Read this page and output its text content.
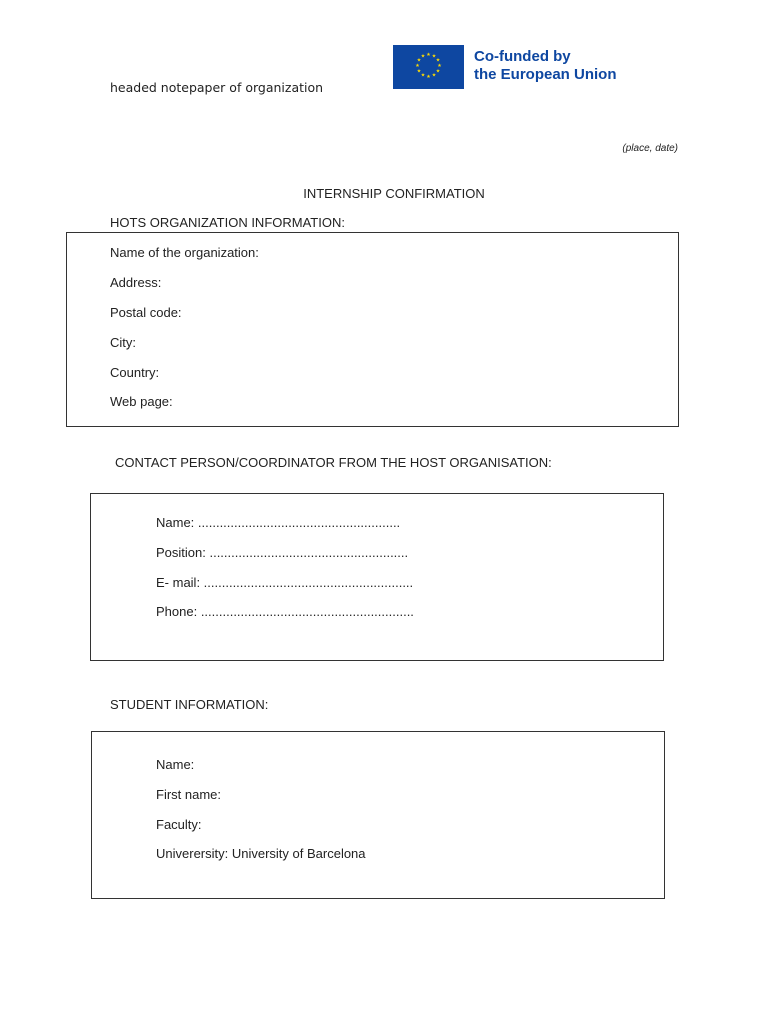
headed notepaper of organization
★ ★
★
★
★
★
★
★
★
★
★
★	Co-funded by
the European Union
(place, date)
INTERNSHIP CONFIRMATION
HOTS ORGANIZATION INFORMATION:
Name of the organization:
Address:
Postal code:
City:
Country:
Web page:
CONTACT PERSON/COORDINATOR FROM THE HOST ORGANISATION:
Name: ........................................................
Position: .......................................................
E- mail: ..........................................................
Phone: ...........................................................
STUDENT INFORMATION:
Name:
First name:
Faculty:
Univerersity: University of Barcelona
